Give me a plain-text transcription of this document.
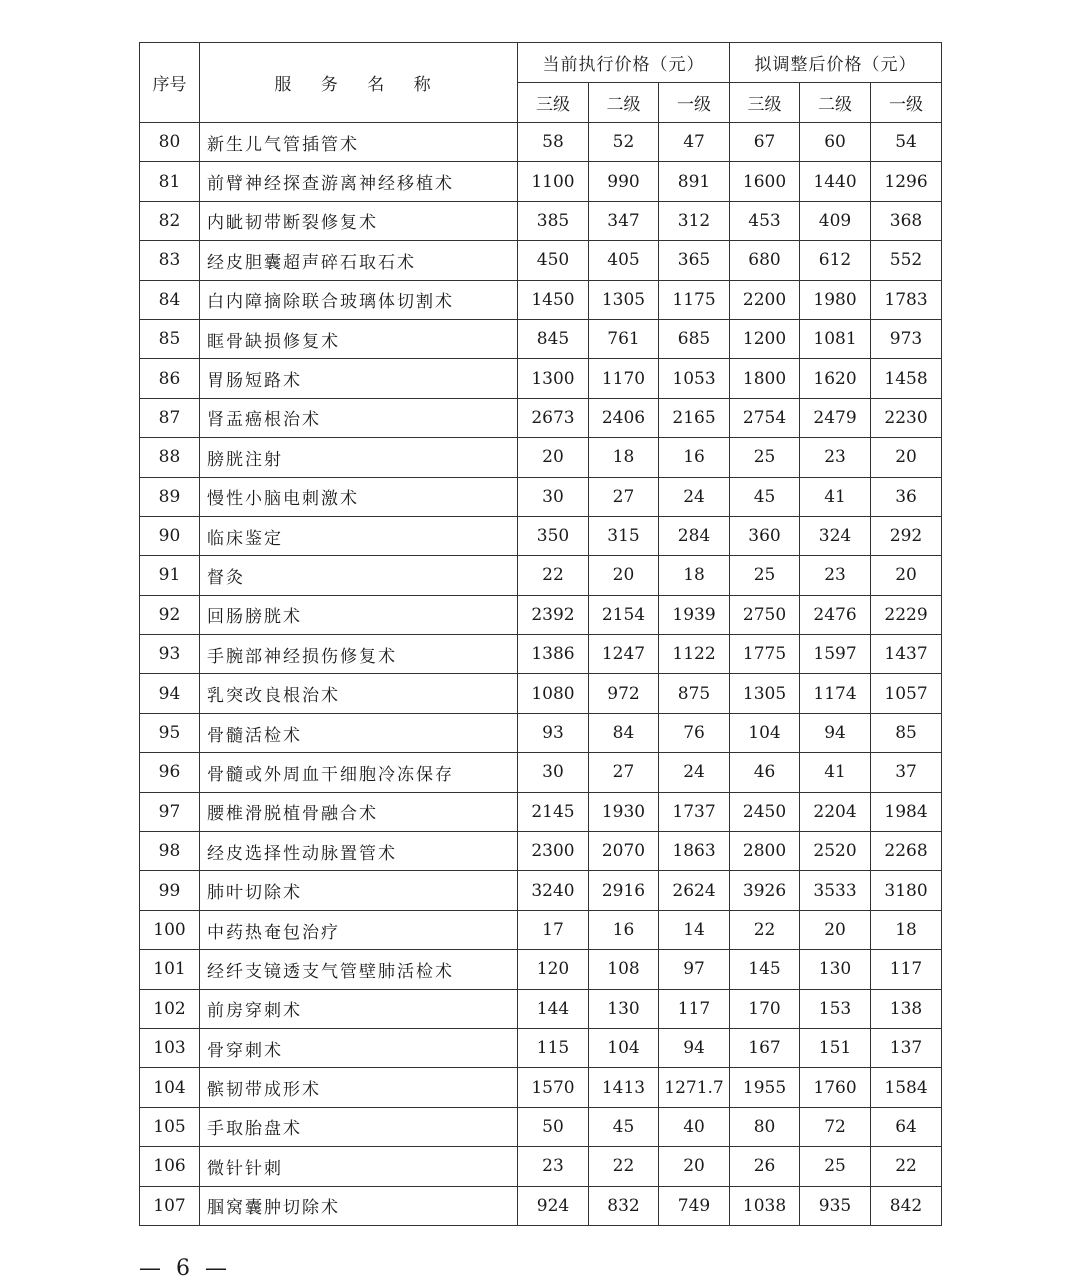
序号	服 务 名 称	当前执行价格（元）			拟调整后价格（元）		
		三级	二级	一级	三级	二级	一级
80	新生儿气管插管术	58	52	47	67	60	54
81	前臂神经探查游离神经移植术	1100	990	891	1600	1440	1296
82	内眦韧带断裂修复术	385	347	312	453	409	368
83	经皮胆囊超声碎石取石术	450	405	365	680	612	552
84	白内障摘除联合玻璃体切割术	1450	1305	1175	2200	1980	1783
85	眶骨缺损修复术	845	761	685	1200	1081	973
86	胃肠短路术	1300	1170	1053	1800	1620	1458
87	肾盂癌根治术	2673	2406	2165	2754	2479	2230
88	膀胱注射	20	18	16	25	23	20
89	慢性小脑电刺激术	30	27	24	45	41	36
90	临床鉴定	350	315	284	360	324	292
91	督灸	22	20	18	25	23	20
92	回肠膀胱术	2392	2154	1939	2750	2476	2229
93	手腕部神经损伤修复术	1386	1247	1122	1775	1597	1437
94	乳突改良根治术	1080	972	875	1305	1174	1057
95	骨髓活检术	93	84	76	104	94	85
96	骨髓或外周血干细胞冷冻保存	30	27	24	46	41	37
97	腰椎滑脱植骨融合术	2145	1930	1737	2450	2204	1984
98	经皮选择性动脉置管术	2300	2070	1863	2800	2520	2268
99	肺叶切除术	3240	2916	2624	3926	3533	3180
100	中药热奄包治疗	17	16	14	22	20	18
101	经纤支镜透支气管壁肺活检术	120	108	97	145	130	117
102	前房穿刺术	144	130	117	170	153	138
103	骨穿刺术	115	104	94	167	151	137
104	髌韧带成形术	1570	1413	1271.7	1955	1760	1584
105	手取胎盘术	50	45	40	80	72	64
106	微针针刺	23	22	20	26	25	22
107	腘窝囊肿切除术	924	832	749	1038	935	842
— 6 —
